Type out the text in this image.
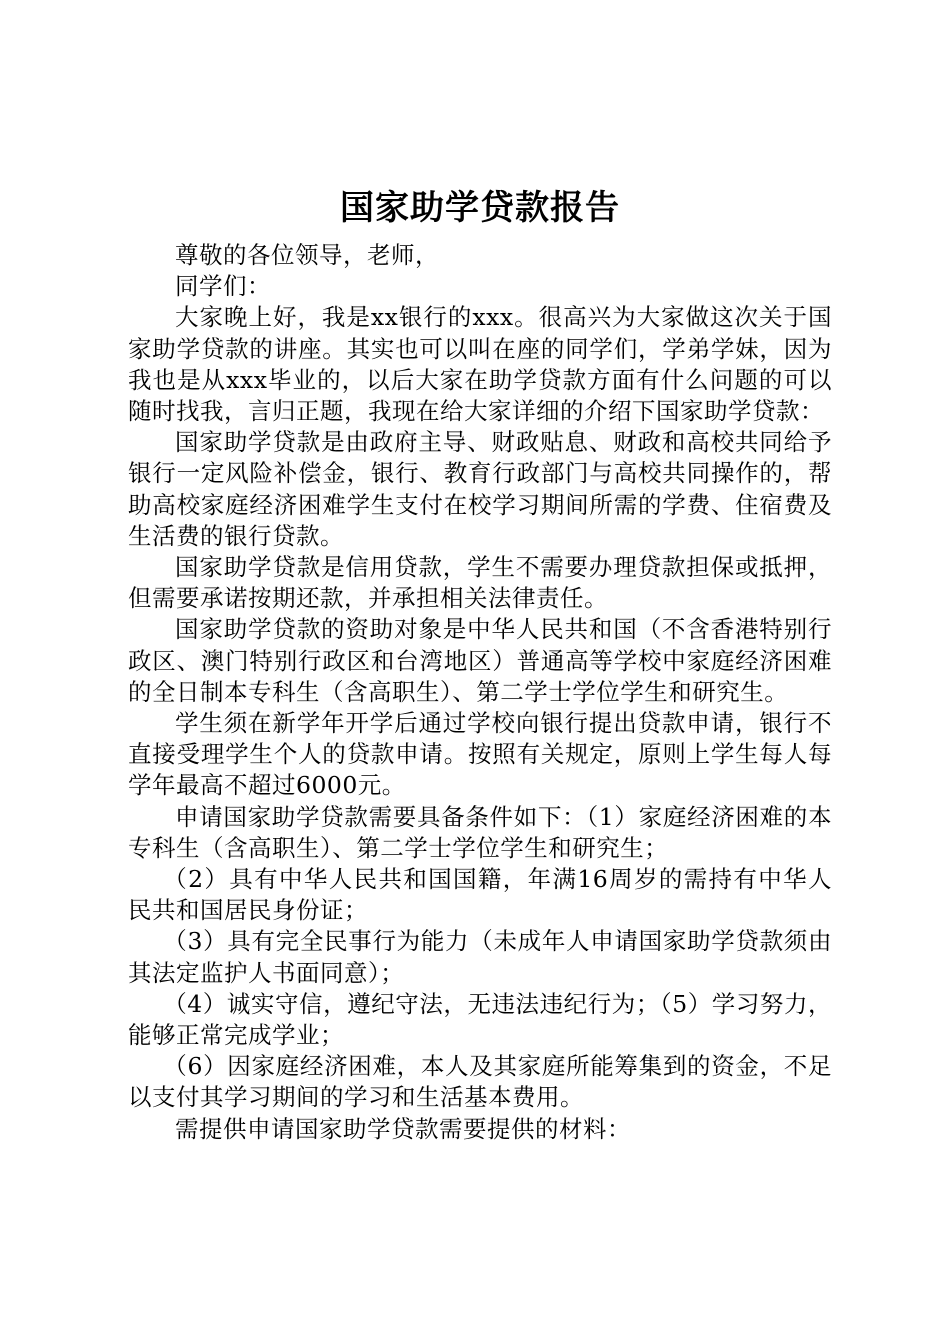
国家助学贷款报告

尊敬的各位领导，老师，

同学们：

大家晚上好，我是xx银行的xxx。很高兴为大家做这次关于国家助学贷款的讲座。其实也可以叫在座的同学们，学弟学妹，因为我也是从xxx毕业的，以后大家在助学贷款方面有什么问题的可以随时找我，言归正题，我现在给大家详细的介绍下国家助学贷款：

国家助学贷款是由政府主导、财政贴息、财政和高校共同给予银行一定风险补偿金，银行、教育行政部门与高校共同操作的，帮助高校家庭经济困难学生支付在校学习期间所需的学费、住宿费及生活费的银行贷款。

国家助学贷款是信用贷款，学生不需要办理贷款担保或抵押，但需要承诺按期还款，并承担相关法律责任。

国家助学贷款的资助对象是中华人民共和国（不含香港特别行政区、澳门特别行政区和台湾地区）普通高等学校中家庭经济困难的全日制本专科生（含高职生）、第二学士学位学生和研究生。

学生须在新学年开学后通过学校向银行提出贷款申请，银行不直接受理学生个人的贷款申请。按照有关规定，原则上学生每人每学年最高不超过6000元。

申请国家助学贷款需要具备条件如下：（1）家庭经济困难的本专科生（含高职生）、第二学士学位学生和研究生；

（2）具有中华人民共和国国籍，年满16周岁的需持有中华人民共和国居民身份证；

（3）具有完全民事行为能力（未成年人申请国家助学贷款须由其法定监护人书面同意）；

（4）诚实守信，遵纪守法，无违法违纪行为；（5）学习努力，能够正常完成学业；

（6）因家庭经济困难，本人及其家庭所能筹集到的资金，不足以支付其学习期间的学习和生活基本费用。

需提供申请国家助学贷款需要提供的材料：
